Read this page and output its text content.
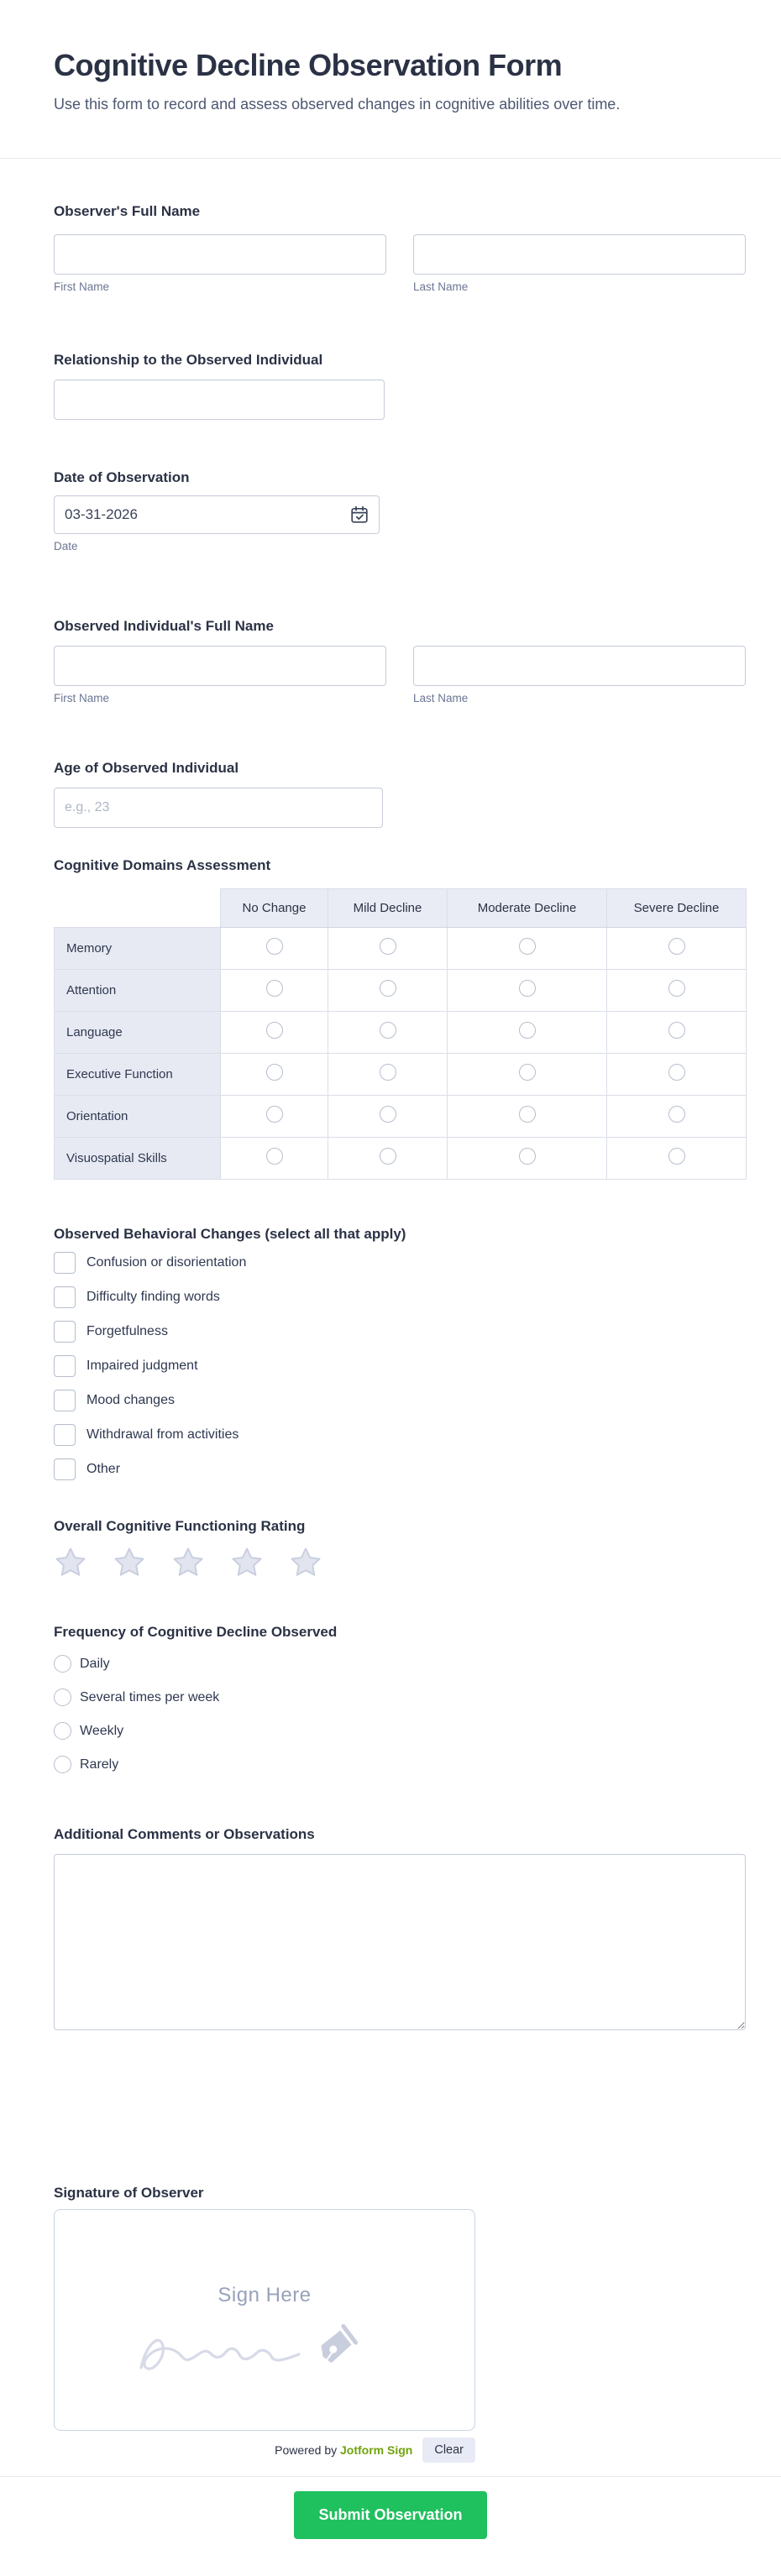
Cognitive Decline Observation Form
Use this form to record and assess observed changes in cognitive abilities over time.
Observer's Full Name
First Name	Last Name
Relationship to the Observed Individual
Date of Observation
03-31-2026
Date
Observed Individual's Full Name
First Name	Last Name
Age of Observed Individual
e.g., 23
Cognitive Domains Assessment
	No Change	Mild Decline	Moderate Decline	Severe Decline
Memory				
Attention				
Language				
Executive Function				
Orientation				
Visuospatial Skills				
Observed Behavioral Changes (select all that apply)
Confusion or disorientation
Difficulty finding words
Forgetfulness
Impaired judgment
Mood changes
Withdrawal from activities
Other
Overall Cognitive Functioning Rating
Frequency of Cognitive Decline Observed
Daily
Several times per week
Weekly
Rarely
Additional Comments or Observations
Signature of Observer
Sign Here
Powered by Jotform Sign	Clear
Submit Observation
